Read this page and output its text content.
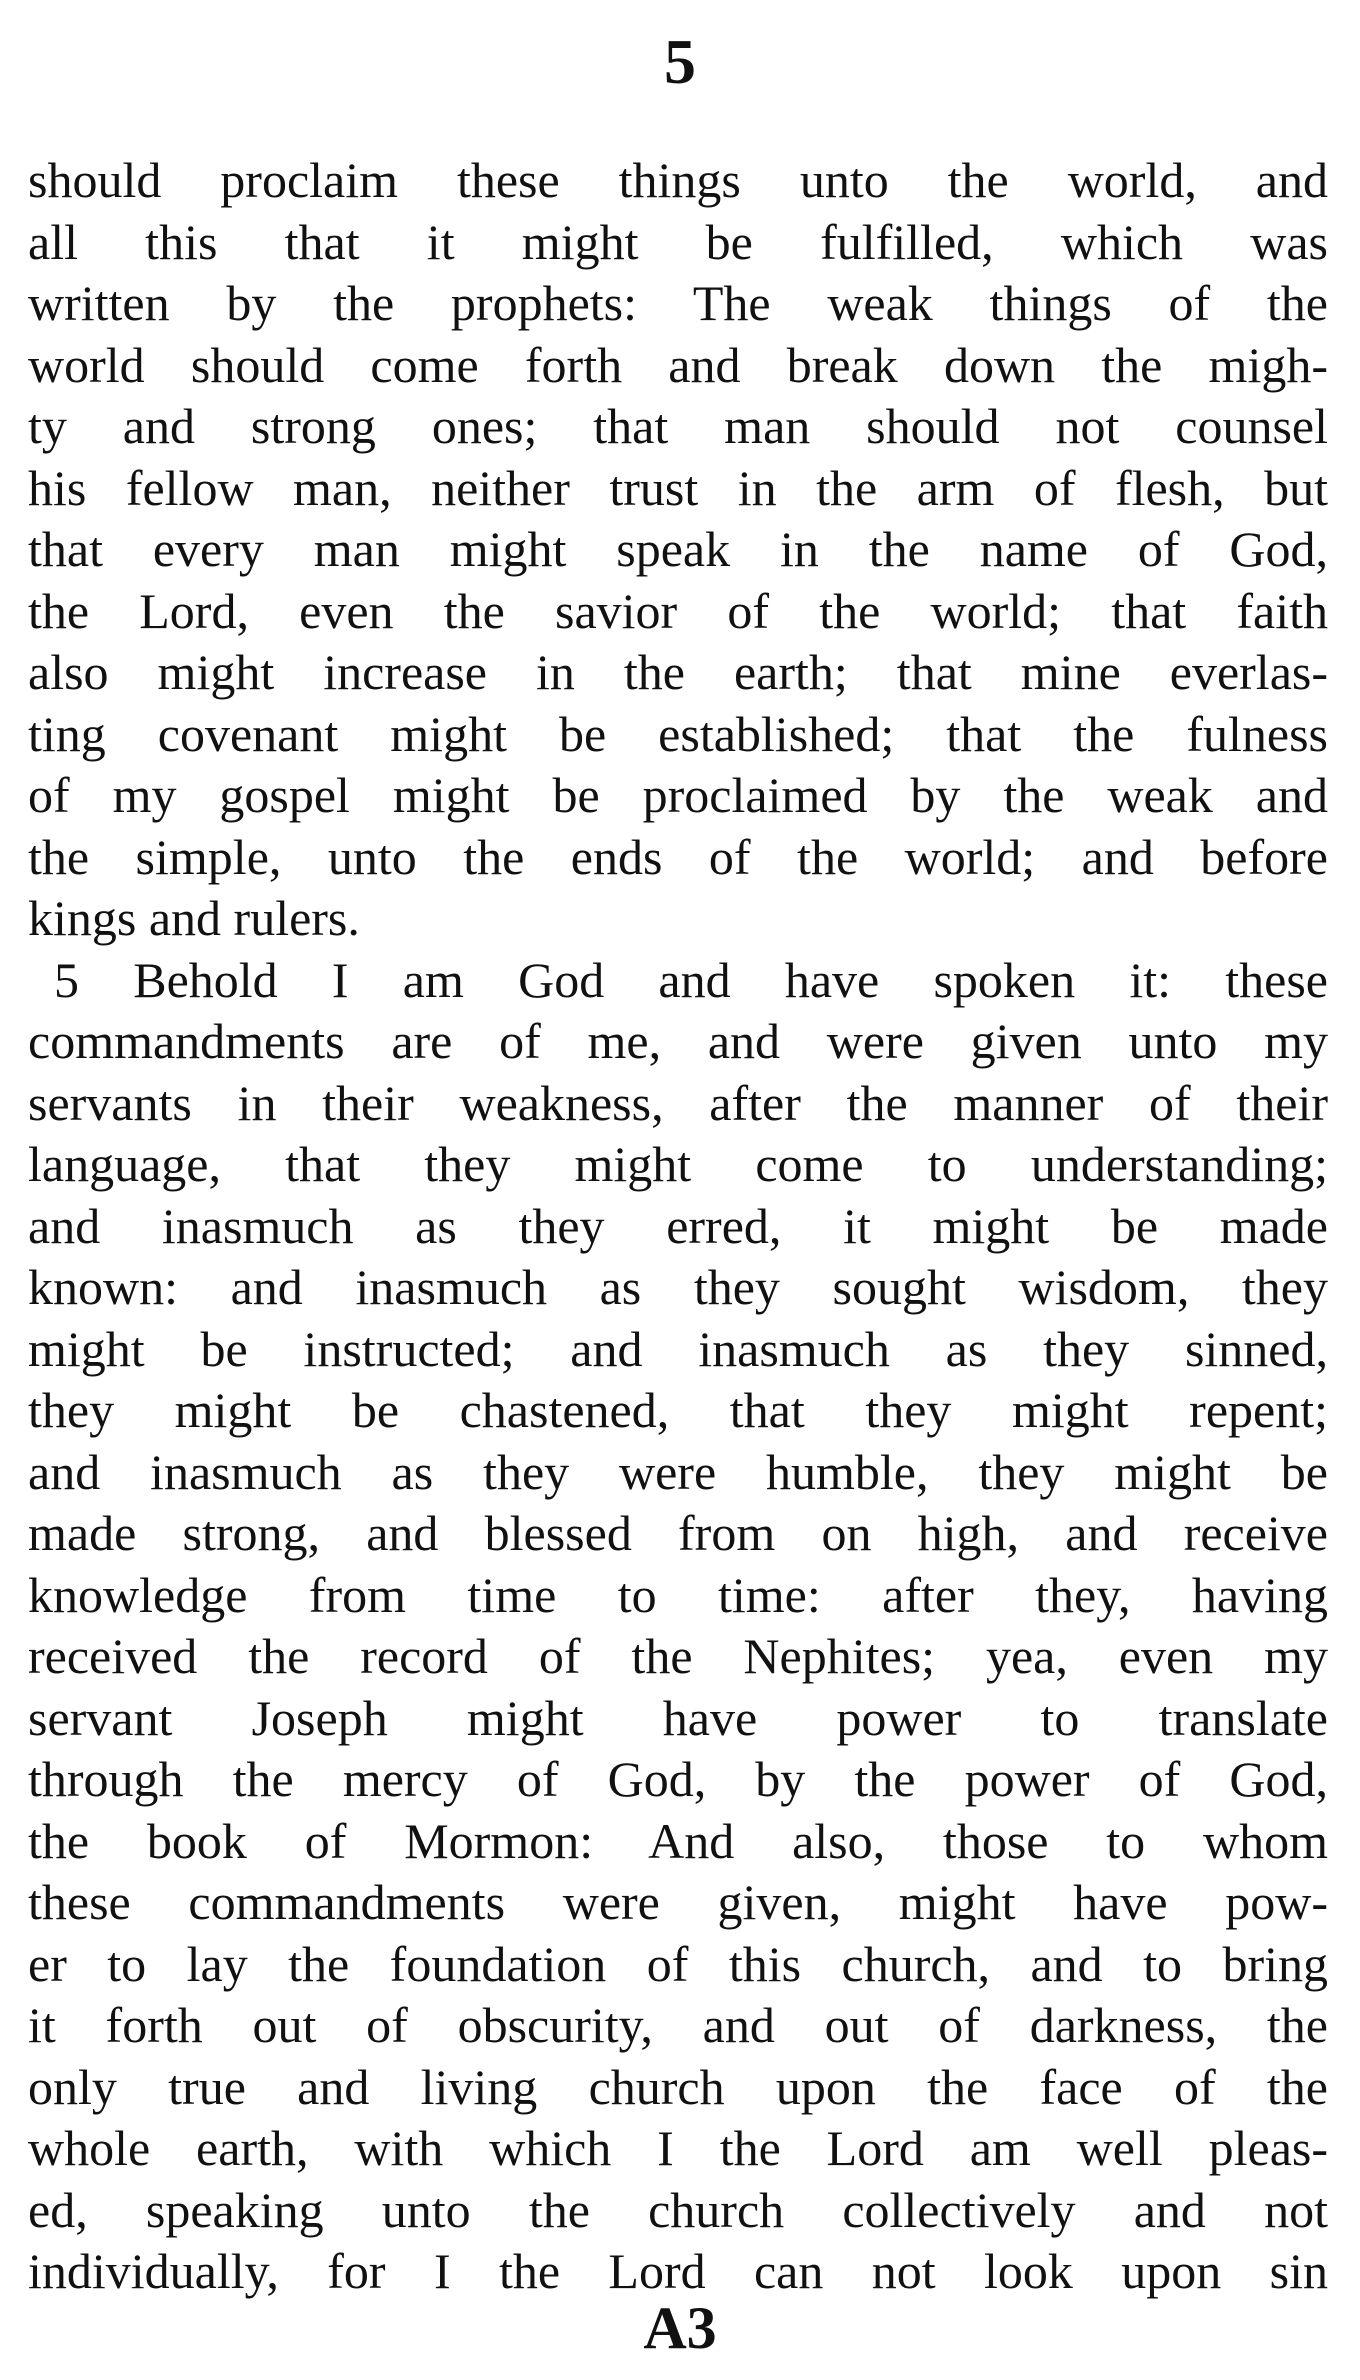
5
should proclaim these things unto the world, and
all this that it might be fulfilled, which was
written by the prophets: The weak things of the
world should come forth and break down the migh-
ty and strong ones; that man should not counsel
his fellow man, neither trust in the arm of flesh, but
that every man might speak in the name of God,
the Lord, even the savior of the world; that faith
also might increase in the earth; that mine everlas-
ting covenant might be established; that the fulness
of my gospel might be proclaimed by the weak and
the simple, unto the ends of the world; and before
kings and rulers.
5 Behold I am God and have spoken it: these
commandments are of me, and were given unto my
servants in their weakness, after the manner of their
language, that they might come to understanding;
and inasmuch as they erred, it might be made
known: and inasmuch as they sought wisdom, they
might be instructed; and inasmuch as they sinned,
they might be chastened, that they might repent;
and inasmuch as they were humble, they might be
made strong, and blessed from on high, and receive
knowledge from time to time: after they, having
received the record of the Nephites; yea, even my
servant Joseph might have power to translate
through the mercy of God, by the power of God,
the book of Mormon: And also, those to whom
these commandments were given, might have pow-
er to lay the foundation of this church, and to bring
it forth out of obscurity, and out of darkness, the
only true and living church upon the face of the
whole earth, with which I the Lord am well pleas-
ed, speaking unto the church collectively and not
individually, for I the Lord can not look upon sin
A3
